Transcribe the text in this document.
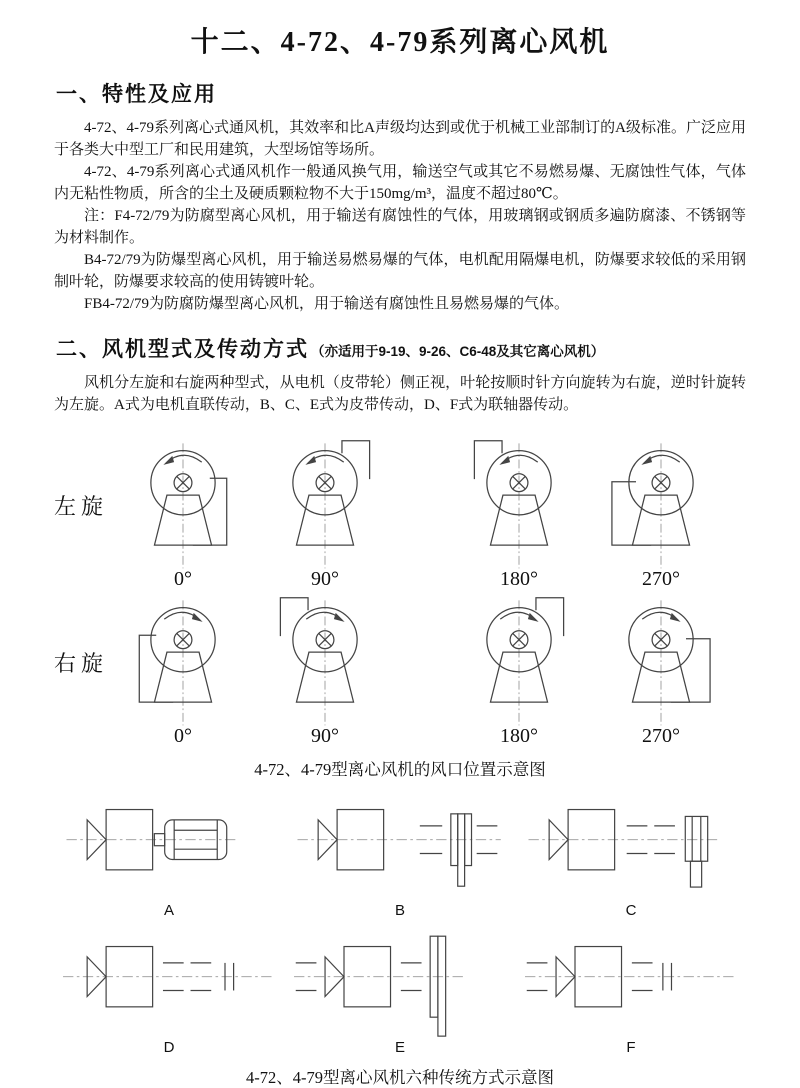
十二、4-72、4-79系列离心风机
一、特性及应用

4-72、4-79系列离心式通风机，其效率和比A声级均达到或优于机械工业部制订的A级标准。广泛应用于各类大中型工厂和民用建筑，大型场馆等场所。

4-72、4-79系列离心式通风机作一般通风换气用，输送空气或其它不易燃易爆、无腐蚀性气体，气体内无粘性物质，所含的尘土及硬质颗粒物不大于150mg/m³，温度不超过80℃。

注：F4-72/79为防腐型离心风机，用于输送有腐蚀性的气体，用玻璃钢或钢质多遍防腐漆、不锈钢等为材料制作。

B4-72/79为防爆型离心风机，用于输送易燃易爆的气体，电机配用隔爆电机，防爆要求较低的采用钢制叶轮，防爆要求较高的使用铸镀叶轮。

FB4-72/79为防腐防爆型离心风机，用于输送有腐蚀性且易燃易爆的气体。

二、风机型式及传动方式 （亦适用于9-19、9-26、C6-48及其它离心风机）

风机分左旋和右旋两种型式，从电机（皮带轮）侧正视，叶轮按顺时针方向旋转为右旋，逆时针旋转为左旋。A式为电机直联传动，B、C、E式为皮带传动，D、F式为联轴器传动。

左旋
0°	90°	180°	270°
右旋
0°	90°	180°	270°
4-72、4-79型离心风机的风口位置示意图
A	B	C
D	E	F
4-72、4-79型离心风机六种传统方式示意图
